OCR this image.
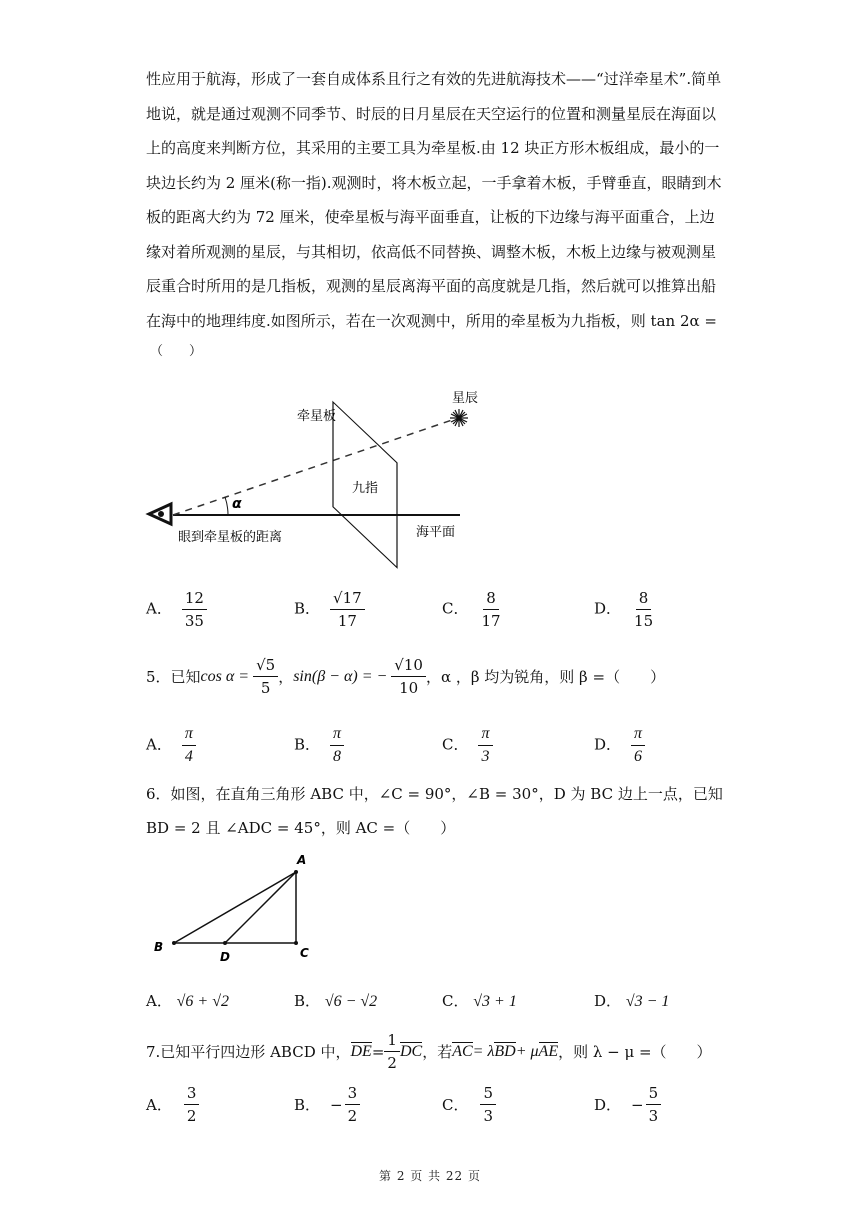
性应用于航海，形成了一套自成体系且行之有效的先进航海技术——“过洋牵星术”.简单
地说，就是通过观测不同季节、时辰的日月星辰在天空运行的位置和测量星辰在海面以
上的高度来判断方位，其采用的主要工具为牵星板.由 12 块正方形木板组成，最小的一
块边长约为 2 厘米(称一指).观测时，将木板立起，一手拿着木板，手臂垂直，眼睛到木
板的距离大约为 72 厘米，使牵星板与海平面垂直，让板的下边缘与海平面重合，上边
缘对着所观测的星辰，与其相切，依高低不同替换、调整木板，木板上边缘与被观测星
辰重合时所用的是几指板，观测的星辰离海平面的高度就是几指，然后就可以推算出船
在海中的地理纬度.如图所示，若在一次观测中，所用的牵星板为九指板，则 tan 2α =
（　　）
星辰
牵星板
九指
α
眼到牵星板的距离	海平面
A． $\frac{12}{35}$	B． $\frac{√17}{17}$	C． $\frac{8}{17}$	D． $\frac{8}{15}$
5．已知 $\cos \alpha = \frac{√5}{5}$ ， sin(β − α) = − $\frac{√10}{10}$ ，α ，β 均为锐角，则 β =（　　）
A． $\frac{\pi}{4}$	B． $\frac{\pi}{8}$	C． $\frac{\pi}{3}$	D． $\frac{\pi}{6}$
6．如图，在直角三角形 ABC 中，∠C = 90°，∠B = 30°，D 为 BC 边上一点，已知
BD = 2 且 ∠ADC = 45°，则 AC =（　　）
A
B
D	C
A． √6 + √2	B． √6 − √2	C． √3 + 1	D． √3 − 1
7.已知平行四边形 ABCD 中， DE = $\frac{1}{2}$ DC ，若 AC = λ BD + μ AE ，则 λ − μ =（　　）
A． $\frac{3}{2}$	B． − $\frac{3}{2}$	C． $\frac{5}{3}$	D． − $\frac{5}{3}$
第 2 页 共 22 页
